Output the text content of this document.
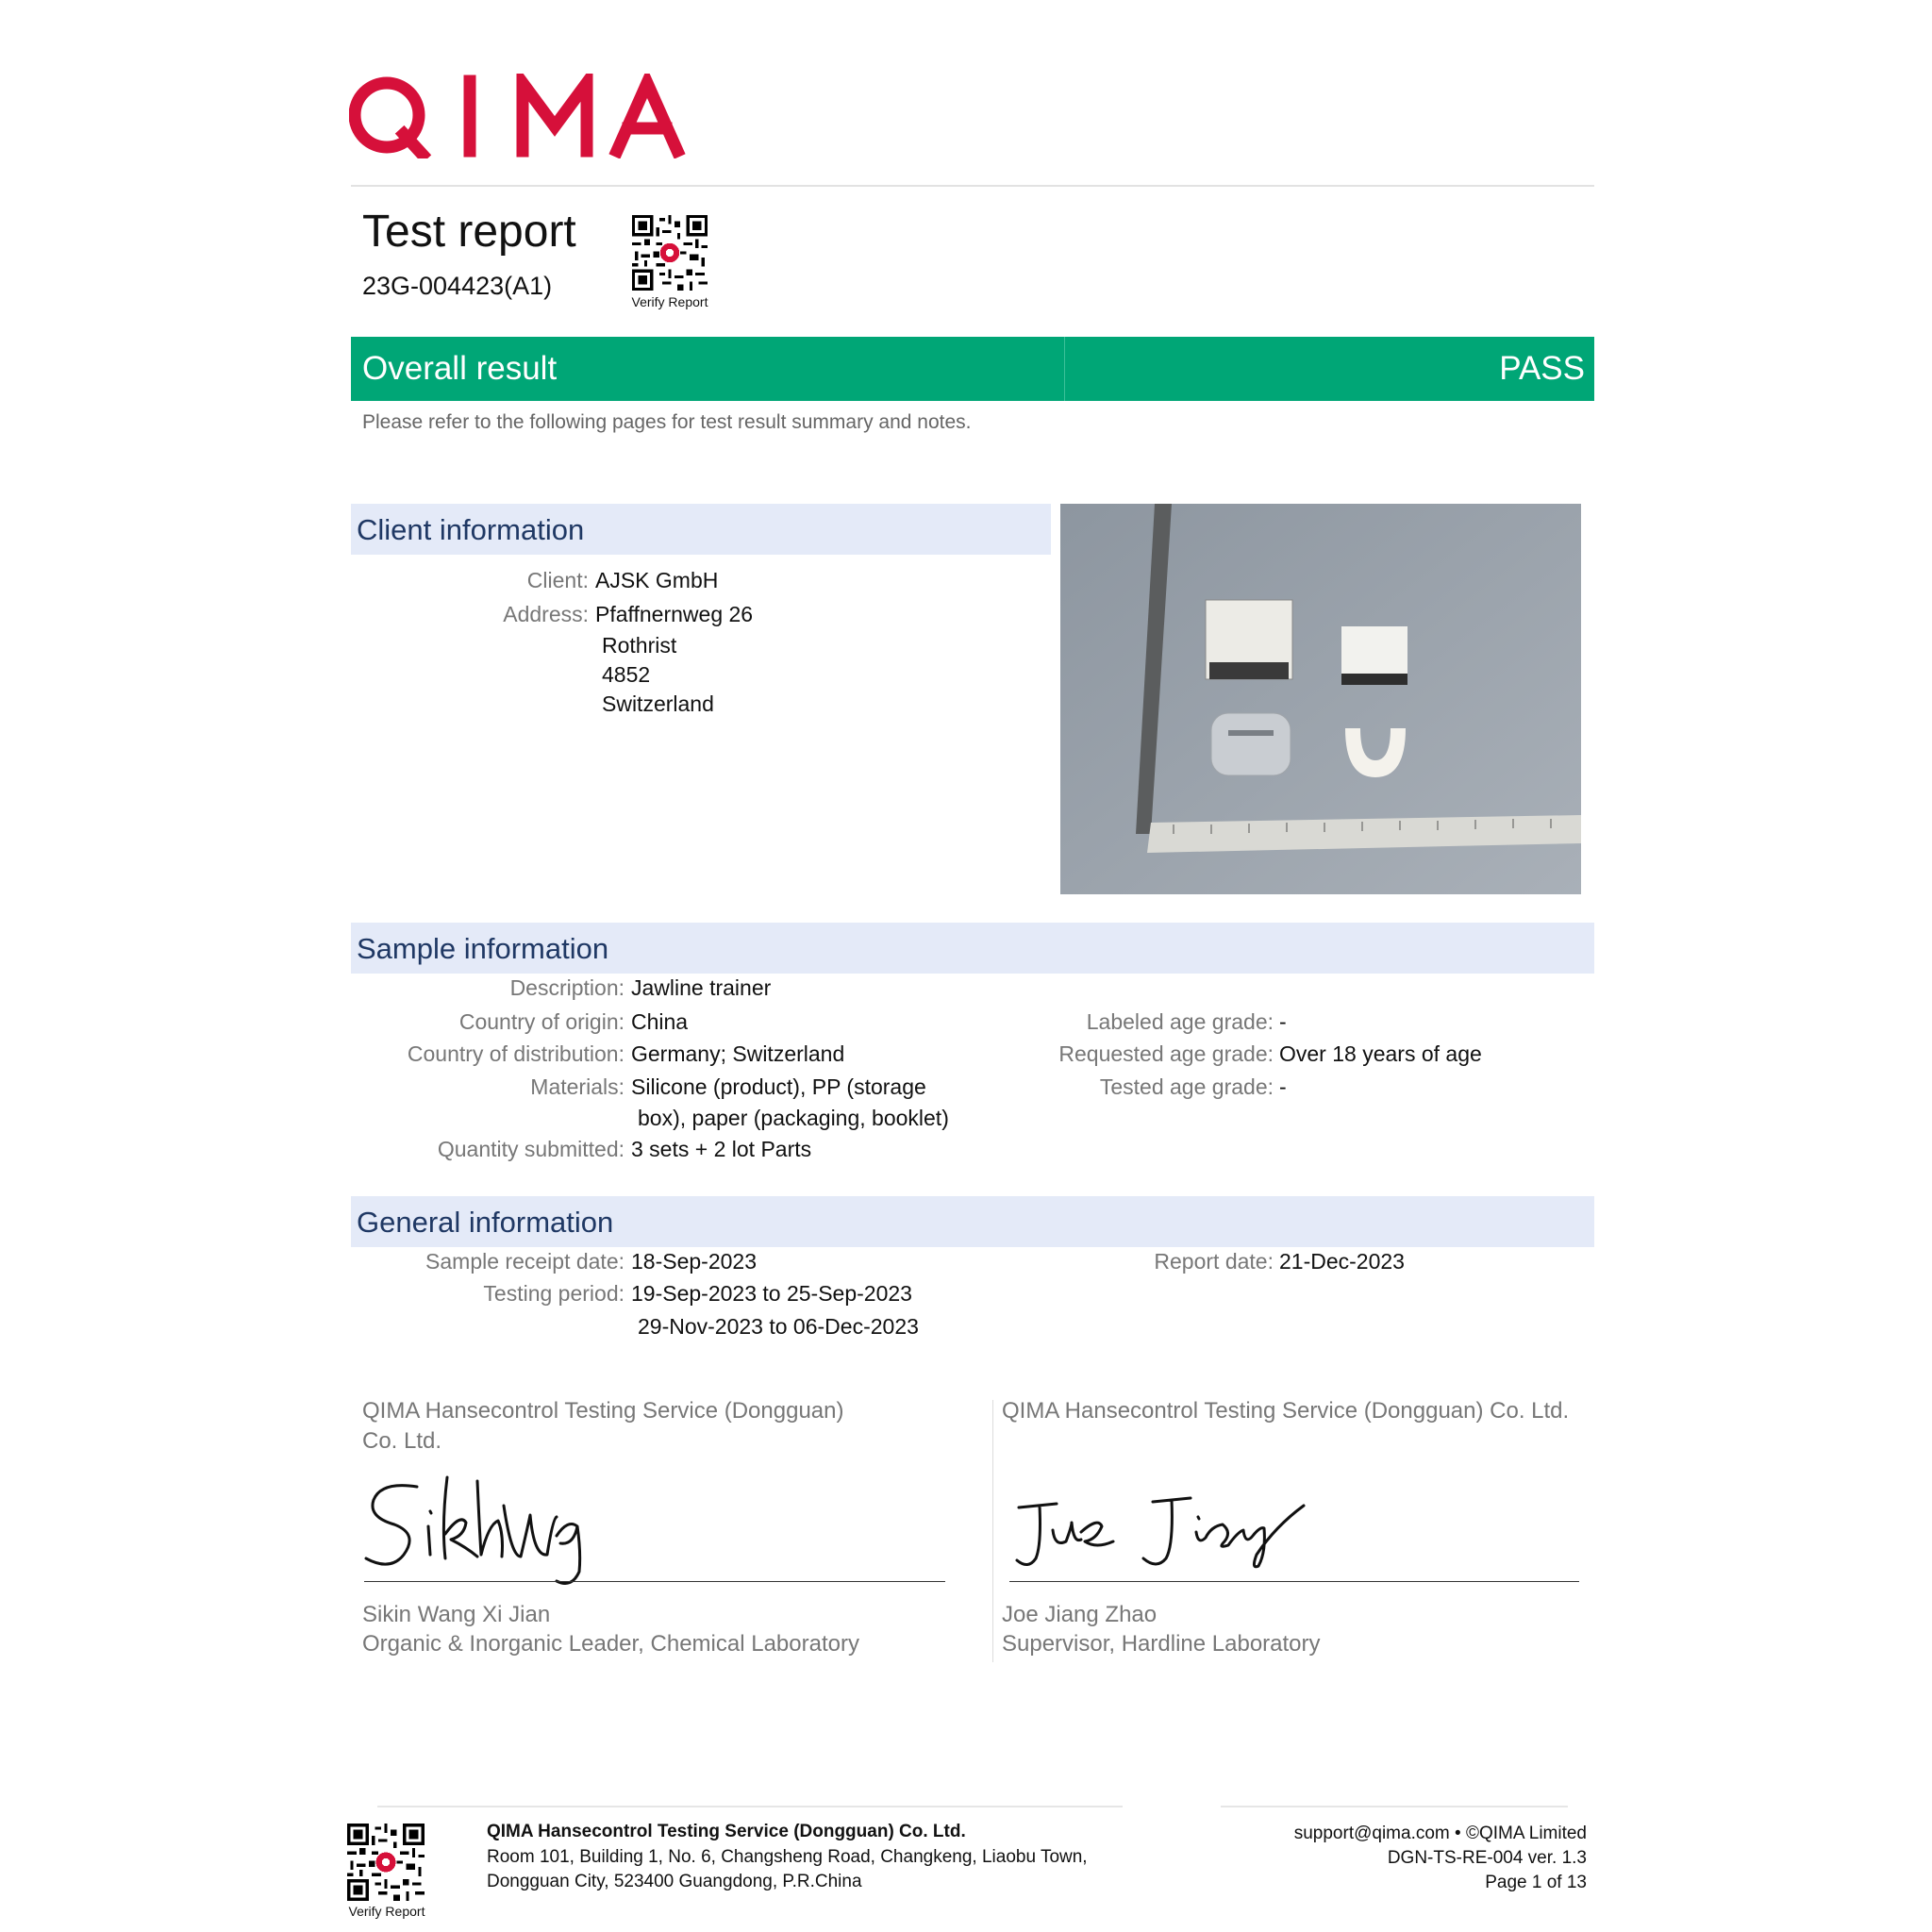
Test report
23G-004423(A1)
Verify Report
Overall result	PASS
Please refer to the following pages for test result summary and notes.
Client information
Client: AJSK GmbH
Address: Pfaffnernweg 26
Rothrist
4852
Switzerland
Sample information
Description: Jawline trainer
Country of origin: China
Country of distribution: Germany; Switzerland
Materials: Silicone (product), PP (storage
box), paper (packaging, booklet)
Quantity submitted: 3 sets + 2 lot Parts
Labeled age grade: -
Requested age grade: Over 18 years of age
Tested age grade: -
General information
Sample receipt date: 18-Sep-2023
Testing period: 19-Sep-2023 to 25-Sep-2023
29-Nov-2023 to 06-Dec-2023
Report date: 21-Dec-2023
QIMA Hansecontrol Testing Service (Dongguan)
Co. Ltd.
Sikin Wang Xi Jian
Organic & Inorganic Leader, Chemical Laboratory
QIMA Hansecontrol Testing Service (Dongguan) Co. Ltd.
Joe Jiang Zhao
Supervisor, Hardline Laboratory
Verify Report
QIMA Hansecontrol Testing Service (Dongguan) Co. Ltd.
Room 101, Building 1, No. 6, Changsheng Road, Changkeng, Liaobu Town,
Dongguan City, 523400 Guangdong, P.R.China
support@qima.com • ©QIMA Limited
DGN-TS-RE-004 ver. 1.3
Page 1 of 13
